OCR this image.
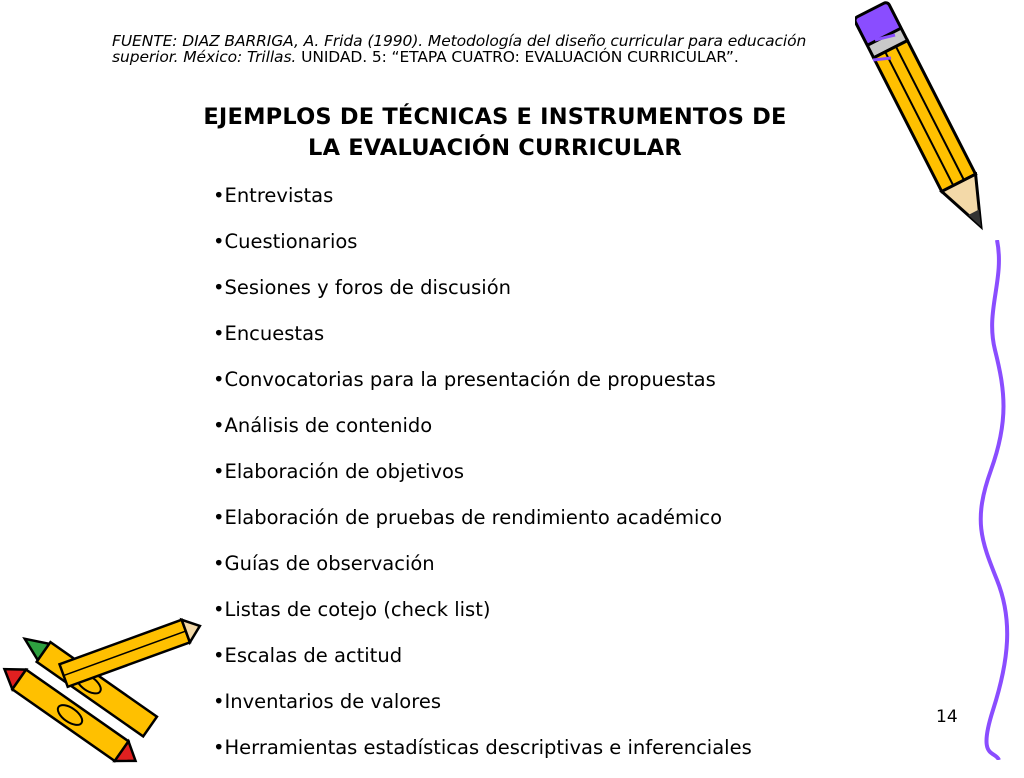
FUENTE: DIAZ BARRIGA, A. Frida (1990). Metodología del diseño curricular para educación superior. México: Trillas. UNIDAD. 5: “ETAPA CUATRO: EVALUACIÓN CURRICULAR”.
EJEMPLOS DE TÉCNICAS E INSTRUMENTOS DE
LA EVALUACIÓN CURRICULAR
•Entrevistas
•Cuestionarios
•Sesiones y foros de discusión
•Encuestas
•Convocatorias para la presentación de propuestas
•Análisis de contenido
•Elaboración de objetivos
•Elaboración de pruebas de rendimiento académico
•Guías de observación
•Listas de cotejo (check list)
•Escalas de actitud
•Inventarios de valores
•Herramientas estadísticas descriptivas e inferenciales
14
